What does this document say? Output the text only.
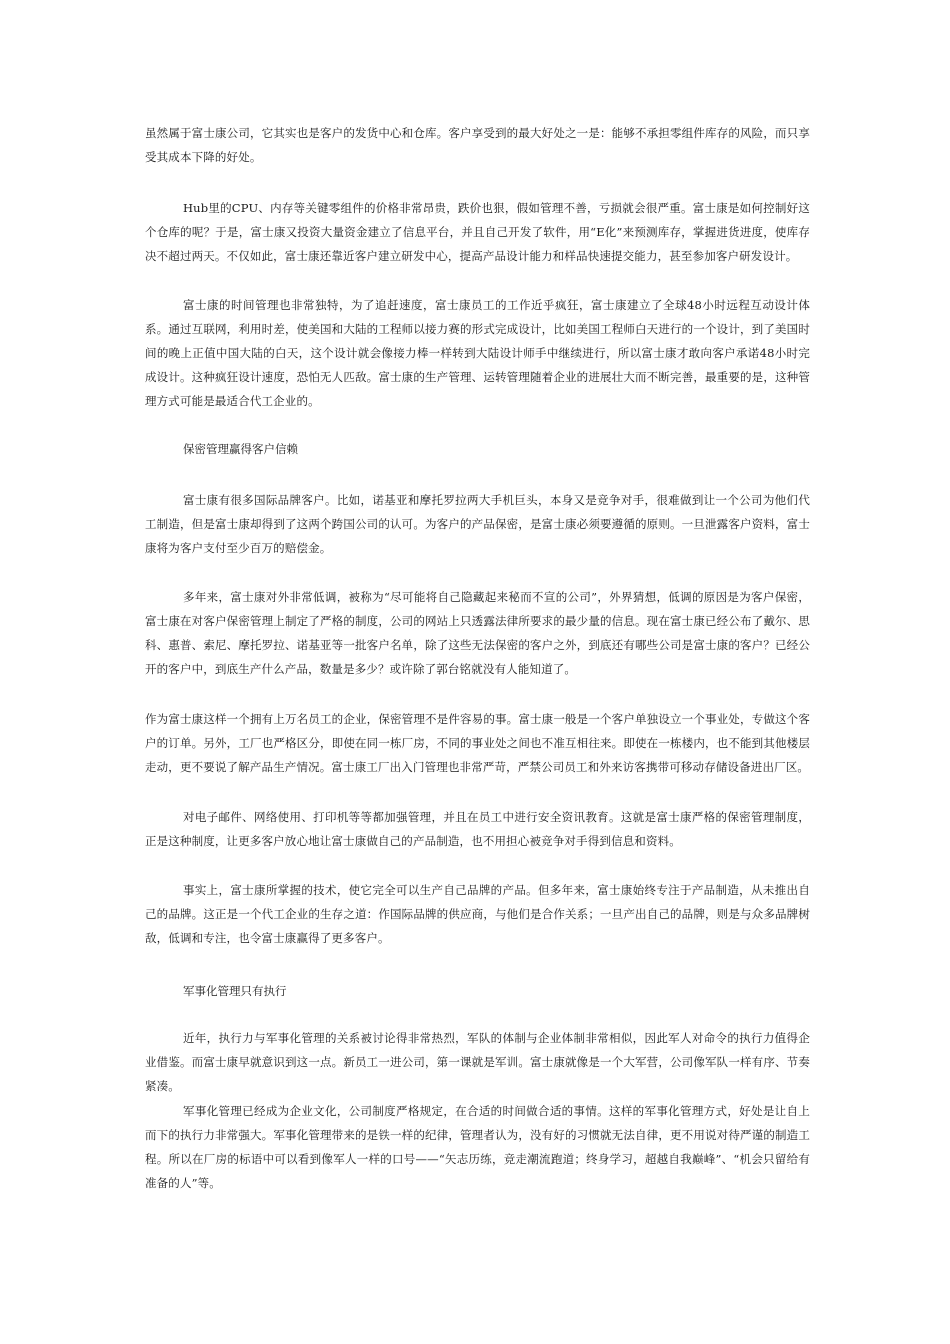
虽然属于富士康公司，它其实也是客户的发货中心和仓库。客户享受到的最大好处之一是：能够不承担零组件库存的风险，而只享受其成本下降的好处。

Hub里的CPU、内存等关键零组件的价格非常昂贵，跌价也狠，假如管理不善，亏损就会很严重。富士康是如何控制好这个仓库的呢？于是，富士康又投资大量资金建立了信息平台，并且自己开发了软件，用“E化”来预测库存，掌握进货进度，使库存决不超过两天。不仅如此，富士康还靠近客户建立研发中心，提高产品设计能力和样品快速提交能力，甚至参加客户研发设计。

富士康的时间管理也非常独特，为了追赶速度，富士康员工的工作近乎疯狂，富士康建立了全球48小时远程互动设计体系。通过互联网，利用时差，使美国和大陆的工程师以接力赛的形式完成设计，比如美国工程师白天进行的一个设计，到了美国时间的晚上正值中国大陆的白天，这个设计就会像接力棒一样转到大陆设计师手中继续进行，所以富士康才敢向客户承诺48小时完成设计。这种疯狂设计速度，恐怕无人匹敌。富士康的生产管理、运转管理随着企业的进展壮大而不断完善，最重要的是，这种管理方式可能是最适合代工企业的。

保密管理赢得客户信赖

富士康有很多国际品牌客户。比如，诺基亚和摩托罗拉两大手机巨头，本身又是竞争对手，很难做到让一个公司为他们代工制造，但是富士康却得到了这两个跨国公司的认可。为客户的产品保密，是富士康必须要遵循的原则。一旦泄露客户资料，富士康将为客户支付至少百万的赔偿金。

多年来，富士康对外非常低调，被称为“尽可能将自己隐藏起来秘而不宣的公司”，外界猜想，低调的原因是为客户保密，富士康在对客户保密管理上制定了严格的制度，公司的网站上只透露法律所要求的最少量的信息。现在富士康已经公布了戴尔、思科、惠普、索尼、摩托罗拉、诺基亚等一批客户名单，除了这些无法保密的客户之外，到底还有哪些公司是富士康的客户？已经公开的客户中，到底生产什么产品，数量是多少？或许除了郭台铭就没有人能知道了。

作为富士康这样一个拥有上万名员工的企业，保密管理不是件容易的事。富士康一般是一个客户单独设立一个事业处，专做这个客户的订单。另外，工厂也严格区分，即使在同一栋厂房，不同的事业处之间也不准互相往来。即使在一栋楼内，也不能到其他楼层走动，更不要说了解产品生产情况。富士康工厂出入门管理也非常严苛，严禁公司员工和外来访客携带可移动存储设备进出厂区。

对电子邮件、网络使用、打印机等等都加强管理，并且在员工中进行安全资讯教育。这就是富士康严格的保密管理制度，正是这种制度，让更多客户放心地让富士康做自己的产品制造，也不用担心被竞争对手得到信息和资料。

事实上，富士康所掌握的技术，使它完全可以生产自己品牌的产品。但多年来，富士康始终专注于产品制造，从未推出自己的品牌。这正是一个代工企业的生存之道：作国际品牌的供应商，与他们是合作关系；一旦产出自己的品牌，则是与众多品牌树敌，低调和专注，也令富士康赢得了更多客户。

军事化管理只有执行

近年，执行力与军事化管理的关系被讨论得非常热烈，军队的体制与企业体制非常相似，因此军人对命令的执行力值得企业借鉴。而富士康早就意识到这一点。新员工一进公司，第一课就是军训。富士康就像是一个大军营，公司像军队一样有序、节奏紧凑。

军事化管理已经成为企业文化，公司制度严格规定，在合适的时间做合适的事情。这样的军事化管理方式，好处是让自上而下的执行力非常强大。军事化管理带来的是铁一样的纪律，管理者认为，没有好的习惯就无法自律，更不用说对待严谨的制造工程。所以在厂房的标语中可以看到像军人一样的口号——“矢志历练，竞走潮流跑道；终身学习，超越自我巅峰”、“机会只留给有准备的人”等。
